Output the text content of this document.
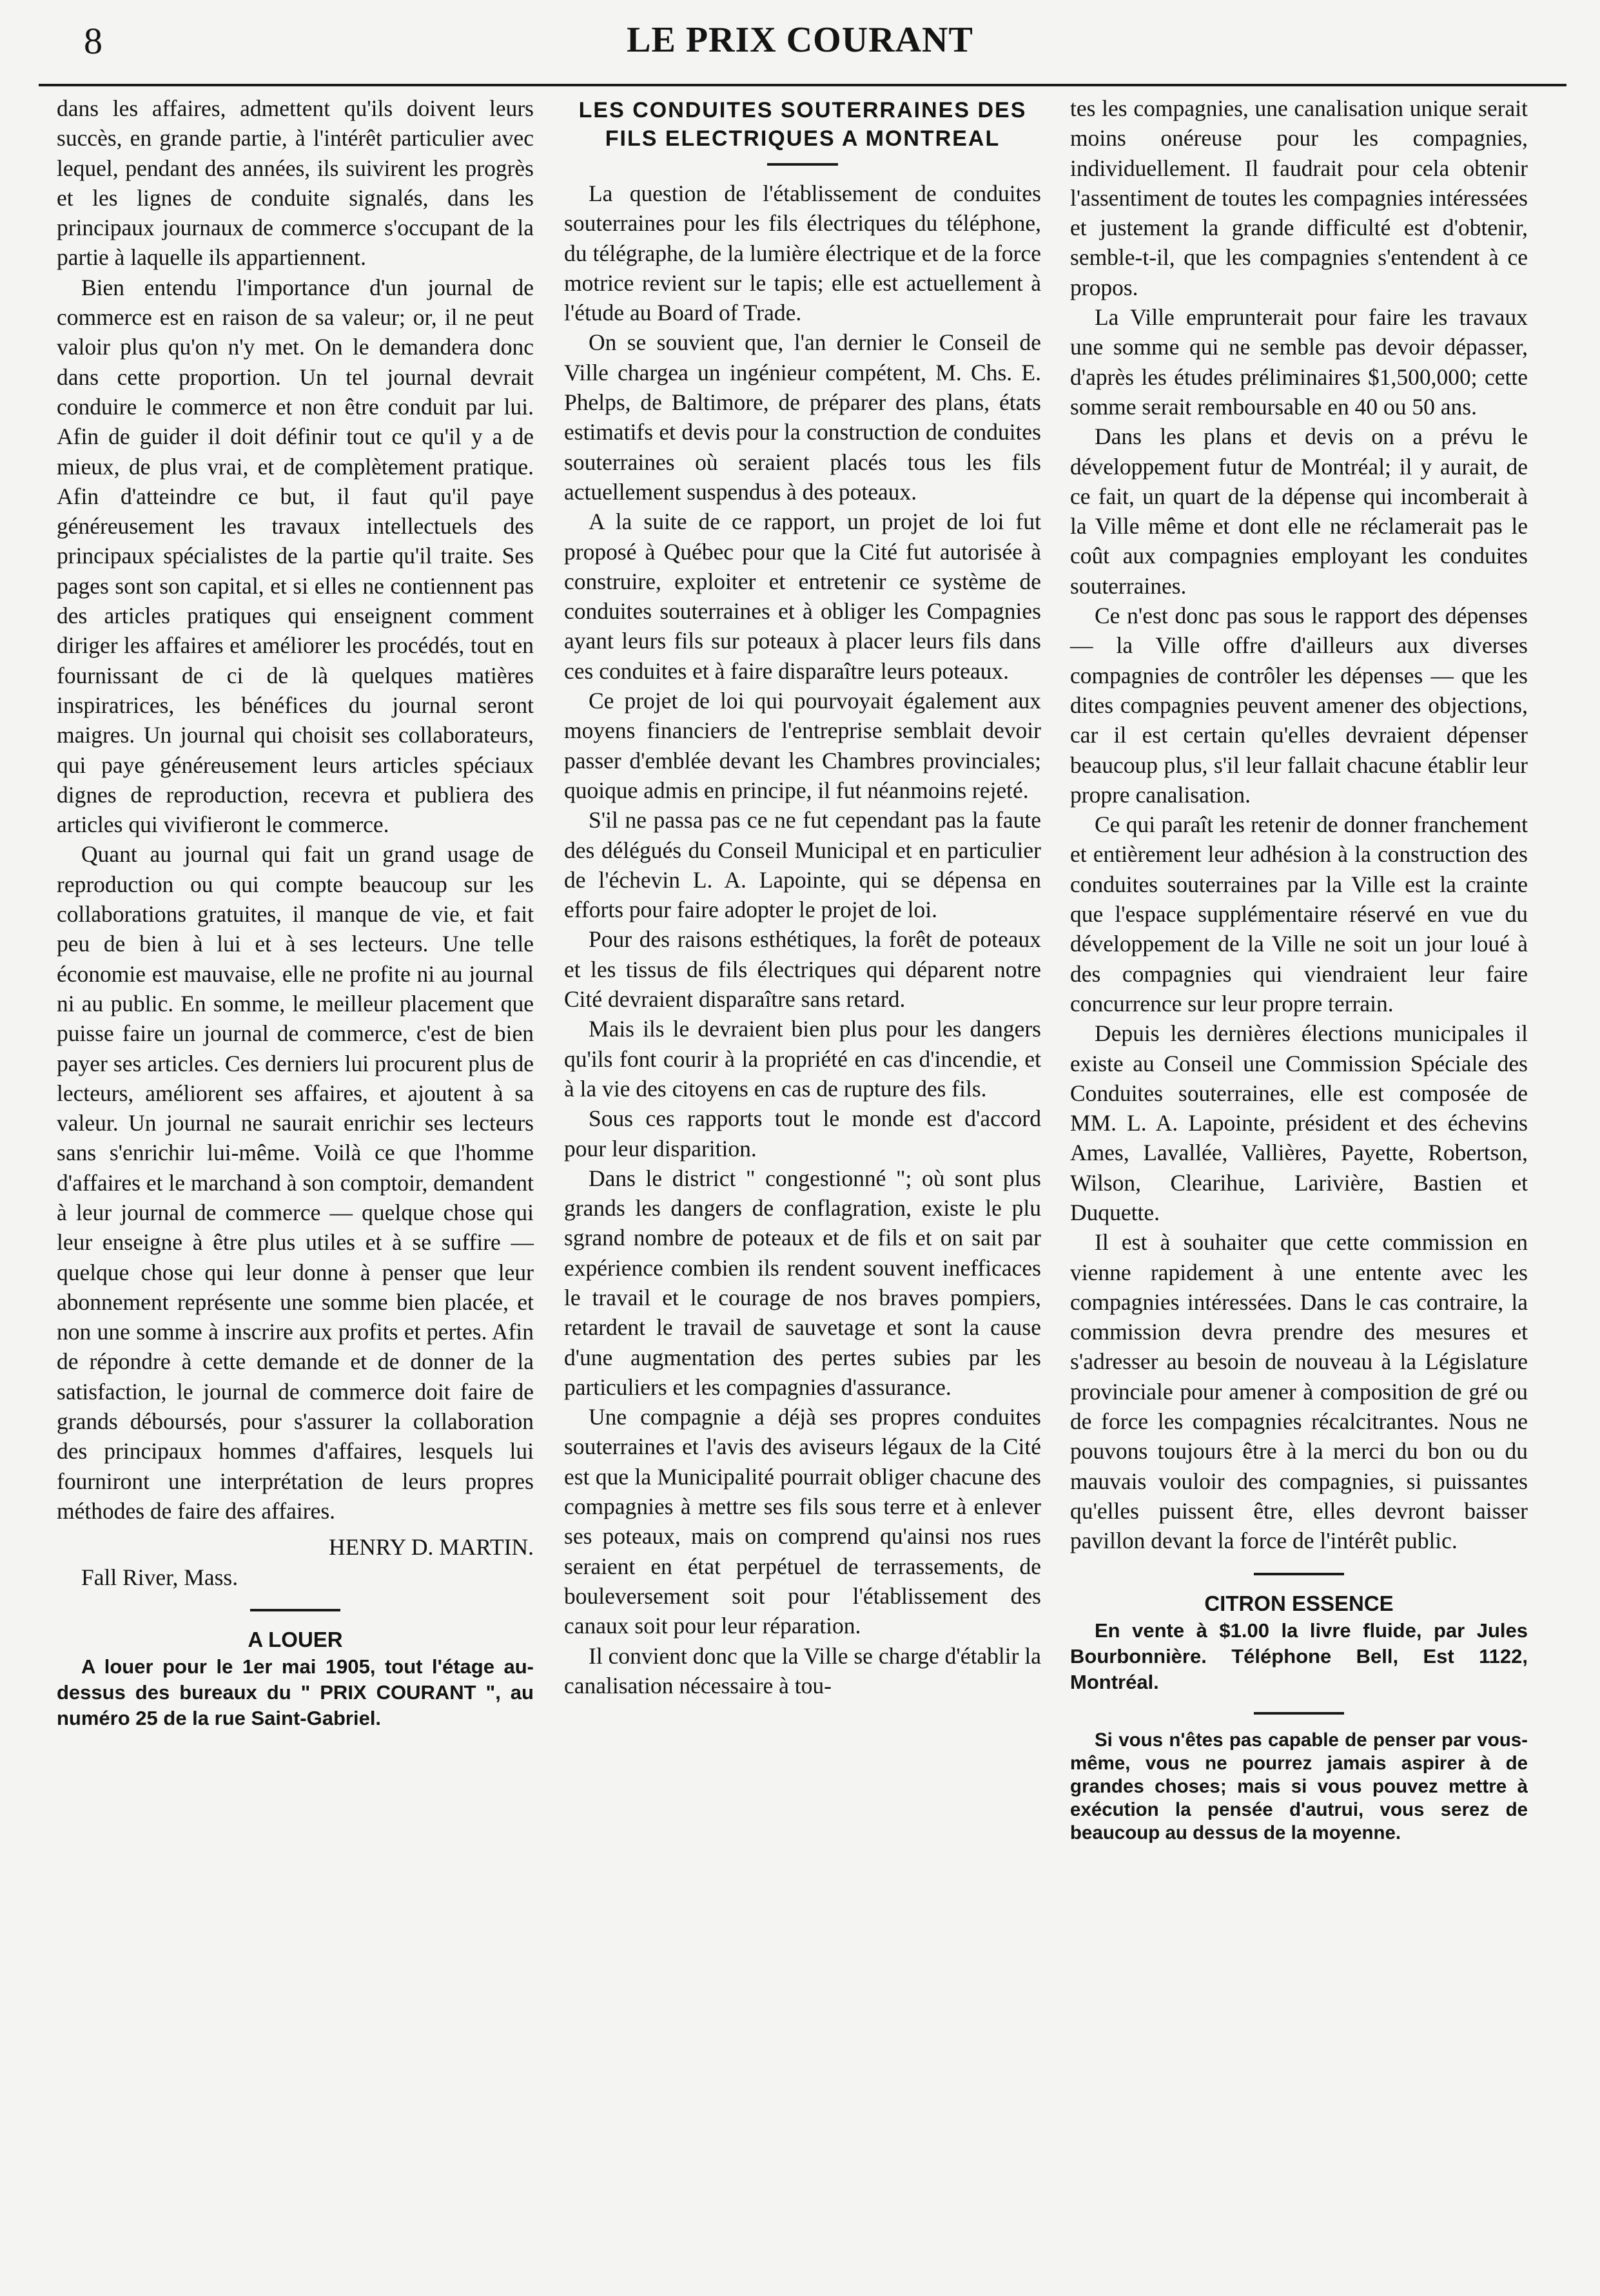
8	LE PRIX COURANT

dans les affaires, admettent qu'ils doivent leurs succès, en grande partie, à l'intérêt particulier avec lequel, pendant des années, ils suivirent les progrès et les lignes de conduite signalés, dans les principaux journaux de commerce s'occupant de la partie à laquelle ils appartiennent.

Bien entendu l'importance d'un journal de commerce est en raison de sa valeur; or, il ne peut valoir plus qu'on n'y met. On le demandera donc dans cette proportion. Un tel journal devrait conduire le commerce et non être conduit par lui. Afin de guider il doit définir tout ce qu'il y a de mieux, de plus vrai, et de complètement pratique. Afin d'atteindre ce but, il faut qu'il paye généreusement les travaux intellectuels des principaux spécialistes de la partie qu'il traite. Ses pages sont son capital, et si elles ne contiennent pas des articles pratiques qui enseignent comment diriger les affaires et améliorer les procédés, tout en fournissant de ci de là quelques matières inspiratrices, les bénéfices du journal seront maigres. Un journal qui choisit ses collaborateurs, qui paye généreusement leurs articles spéciaux dignes de reproduction, recevra et publiera des articles qui vivifieront le commerce.

Quant au journal qui fait un grand usage de reproduction ou qui compte beaucoup sur les collaborations gratuites, il manque de vie, et fait peu de bien à lui et à ses lecteurs. Une telle économie est mauvaise, elle ne profite ni au journal ni au public. En somme, le meilleur placement que puisse faire un journal de commerce, c'est de bien payer ses articles. Ces derniers lui procurent plus de lecteurs, améliorent ses affaires, et ajoutent à sa valeur. Un journal ne saurait enrichir ses lecteurs sans s'enrichir lui-même. Voilà ce que l'homme d'affaires et le marchand à son comptoir, demandent à leur journal de commerce — quelque chose qui leur enseigne à être plus utiles et à se suffire — quelque chose qui leur donne à penser que leur abonnement représente une somme bien placée, et non une somme à inscrire aux profits et pertes. Afin de répondre à cette demande et de donner de la satisfaction, le journal de commerce doit faire de grands déboursés, pour s'assurer la collaboration des principaux hommes d'affaires, lesquels lui fourniront une interprétation de leurs propres méthodes de faire des affaires.

HENRY D. MARTIN.

Fall River, Mass.

A LOUER

A louer pour le 1er mai 1905, tout l'étage au-dessus des bureaux du " PRIX COURANT ", au numéro 25 de la rue Saint-Gabriel.

LES CONDUITES SOUTERRAINES DES FILS ELECTRIQUES A MONTREAL

La question de l'établissement de conduites souterraines pour les fils électriques du téléphone, du télégraphe, de la lumière électrique et de la force motrice revient sur le tapis; elle est actuellement à l'étude au Board of Trade.

On se souvient que, l'an dernier le Conseil de Ville chargea un ingénieur compétent, M. Chs. E. Phelps, de Baltimore, de préparer des plans, états estimatifs et devis pour la construction de conduites souterraines où seraient placés tous les fils actuellement suspendus à des poteaux.

A la suite de ce rapport, un projet de loi fut proposé à Québec pour que la Cité fut autorisée à construire, exploiter et entretenir ce système de conduites souterraines et à obliger les Compagnies ayant leurs fils sur poteaux à placer leurs fils dans ces conduites et à faire disparaître leurs poteaux.

Ce projet de loi qui pourvoyait également aux moyens financiers de l'entreprise semblait devoir passer d'emblée devant les Chambres provinciales; quoique admis en principe, il fut néanmoins rejeté.

S'il ne passa pas ce ne fut cependant pas la faute des délégués du Conseil Municipal et en particulier de l'échevin L. A. Lapointe, qui se dépensa en efforts pour faire adopter le projet de loi.

Pour des raisons esthétiques, la forêt de poteaux et les tissus de fils électriques qui déparent notre Cité devraient disparaître sans retard.

Mais ils le devraient bien plus pour les dangers qu'ils font courir à la propriété en cas d'incendie, et à la vie des citoyens en cas de rupture des fils.

Sous ces rapports tout le monde est d'accord pour leur disparition.

Dans le district " congestionné "; où sont plus grands les dangers de conflagration, existe le plu sgrand nombre de poteaux et de fils et on sait par expérience combien ils rendent souvent inefficaces le travail et le courage de nos braves pompiers, retardent le travail de sauvetage et sont la cause d'une augmentation des pertes subies par les particuliers et les compagnies d'assurance.

Une compagnie a déjà ses propres conduites souterraines et l'avis des aviseurs légaux de la Cité est que la Municipalité pourrait obliger chacune des compagnies à mettre ses fils sous terre et à enlever ses poteaux, mais on comprend qu'ainsi nos rues seraient en état perpétuel de terrassements, de bouleversement soit pour l'établissement des canaux soit pour leur réparation.

Il convient donc que la Ville se charge d'établir la canalisation nécessaire à tou-

tes les compagnies, une canalisation unique serait moins onéreuse pour les compagnies, individuellement. Il faudrait pour cela obtenir l'assentiment de toutes les compagnies intéressées et justement la grande difficulté est d'obtenir, semble-t-il, que les compagnies s'entendent à ce propos.

La Ville emprunterait pour faire les travaux une somme qui ne semble pas devoir dépasser, d'après les études préliminaires $1,500,000; cette somme serait remboursable en 40 ou 50 ans.

Dans les plans et devis on a prévu le développement futur de Montréal; il y aurait, de ce fait, un quart de la dépense qui incomberait à la Ville même et dont elle ne réclamerait pas le coût aux compagnies employant les conduites souterraines.

Ce n'est donc pas sous le rapport des dépenses — la Ville offre d'ailleurs aux diverses compagnies de contrôler les dépenses — que les dites compagnies peuvent amener des objections, car il est certain qu'elles devraient dépenser beaucoup plus, s'il leur fallait chacune établir leur propre canalisation.

Ce qui paraît les retenir de donner franchement et entièrement leur adhésion à la construction des conduites souterraines par la Ville est la crainte que l'espace supplémentaire réservé en vue du développement de la Ville ne soit un jour loué à des compagnies qui viendraient leur faire concurrence sur leur propre terrain.

Depuis les dernières élections municipales il existe au Conseil une Commission Spéciale des Conduites souterraines, elle est composée de MM. L. A. Lapointe, président et des échevins Ames, Lavallée, Vallières, Payette, Robertson, Wilson, Clearihue, Larivière, Bastien et Duquette.

Il est à souhaiter que cette commission en vienne rapidement à une entente avec les compagnies intéressées. Dans le cas contraire, la commission devra prendre des mesures et s'adresser au besoin de nouveau à la Législature provinciale pour amener à composition de gré ou de force les compagnies récalcitrantes. Nous ne pouvons toujours être à la merci du bon ou du mauvais vouloir des compagnies, si puissantes qu'elles puissent être, elles devront baisser pavillon devant la force de l'intérêt public.

CITRON ESSENCE

En vente à $1.00 la livre fluide, par Jules Bourbonnière. Téléphone Bell, Est 1122, Montréal.

Si vous n'êtes pas capable de penser par vous-même, vous ne pourrez jamais aspirer à de grandes choses; mais si vous pouvez mettre à exécution la pensée d'autrui, vous serez de beaucoup au dessus de la moyenne.
